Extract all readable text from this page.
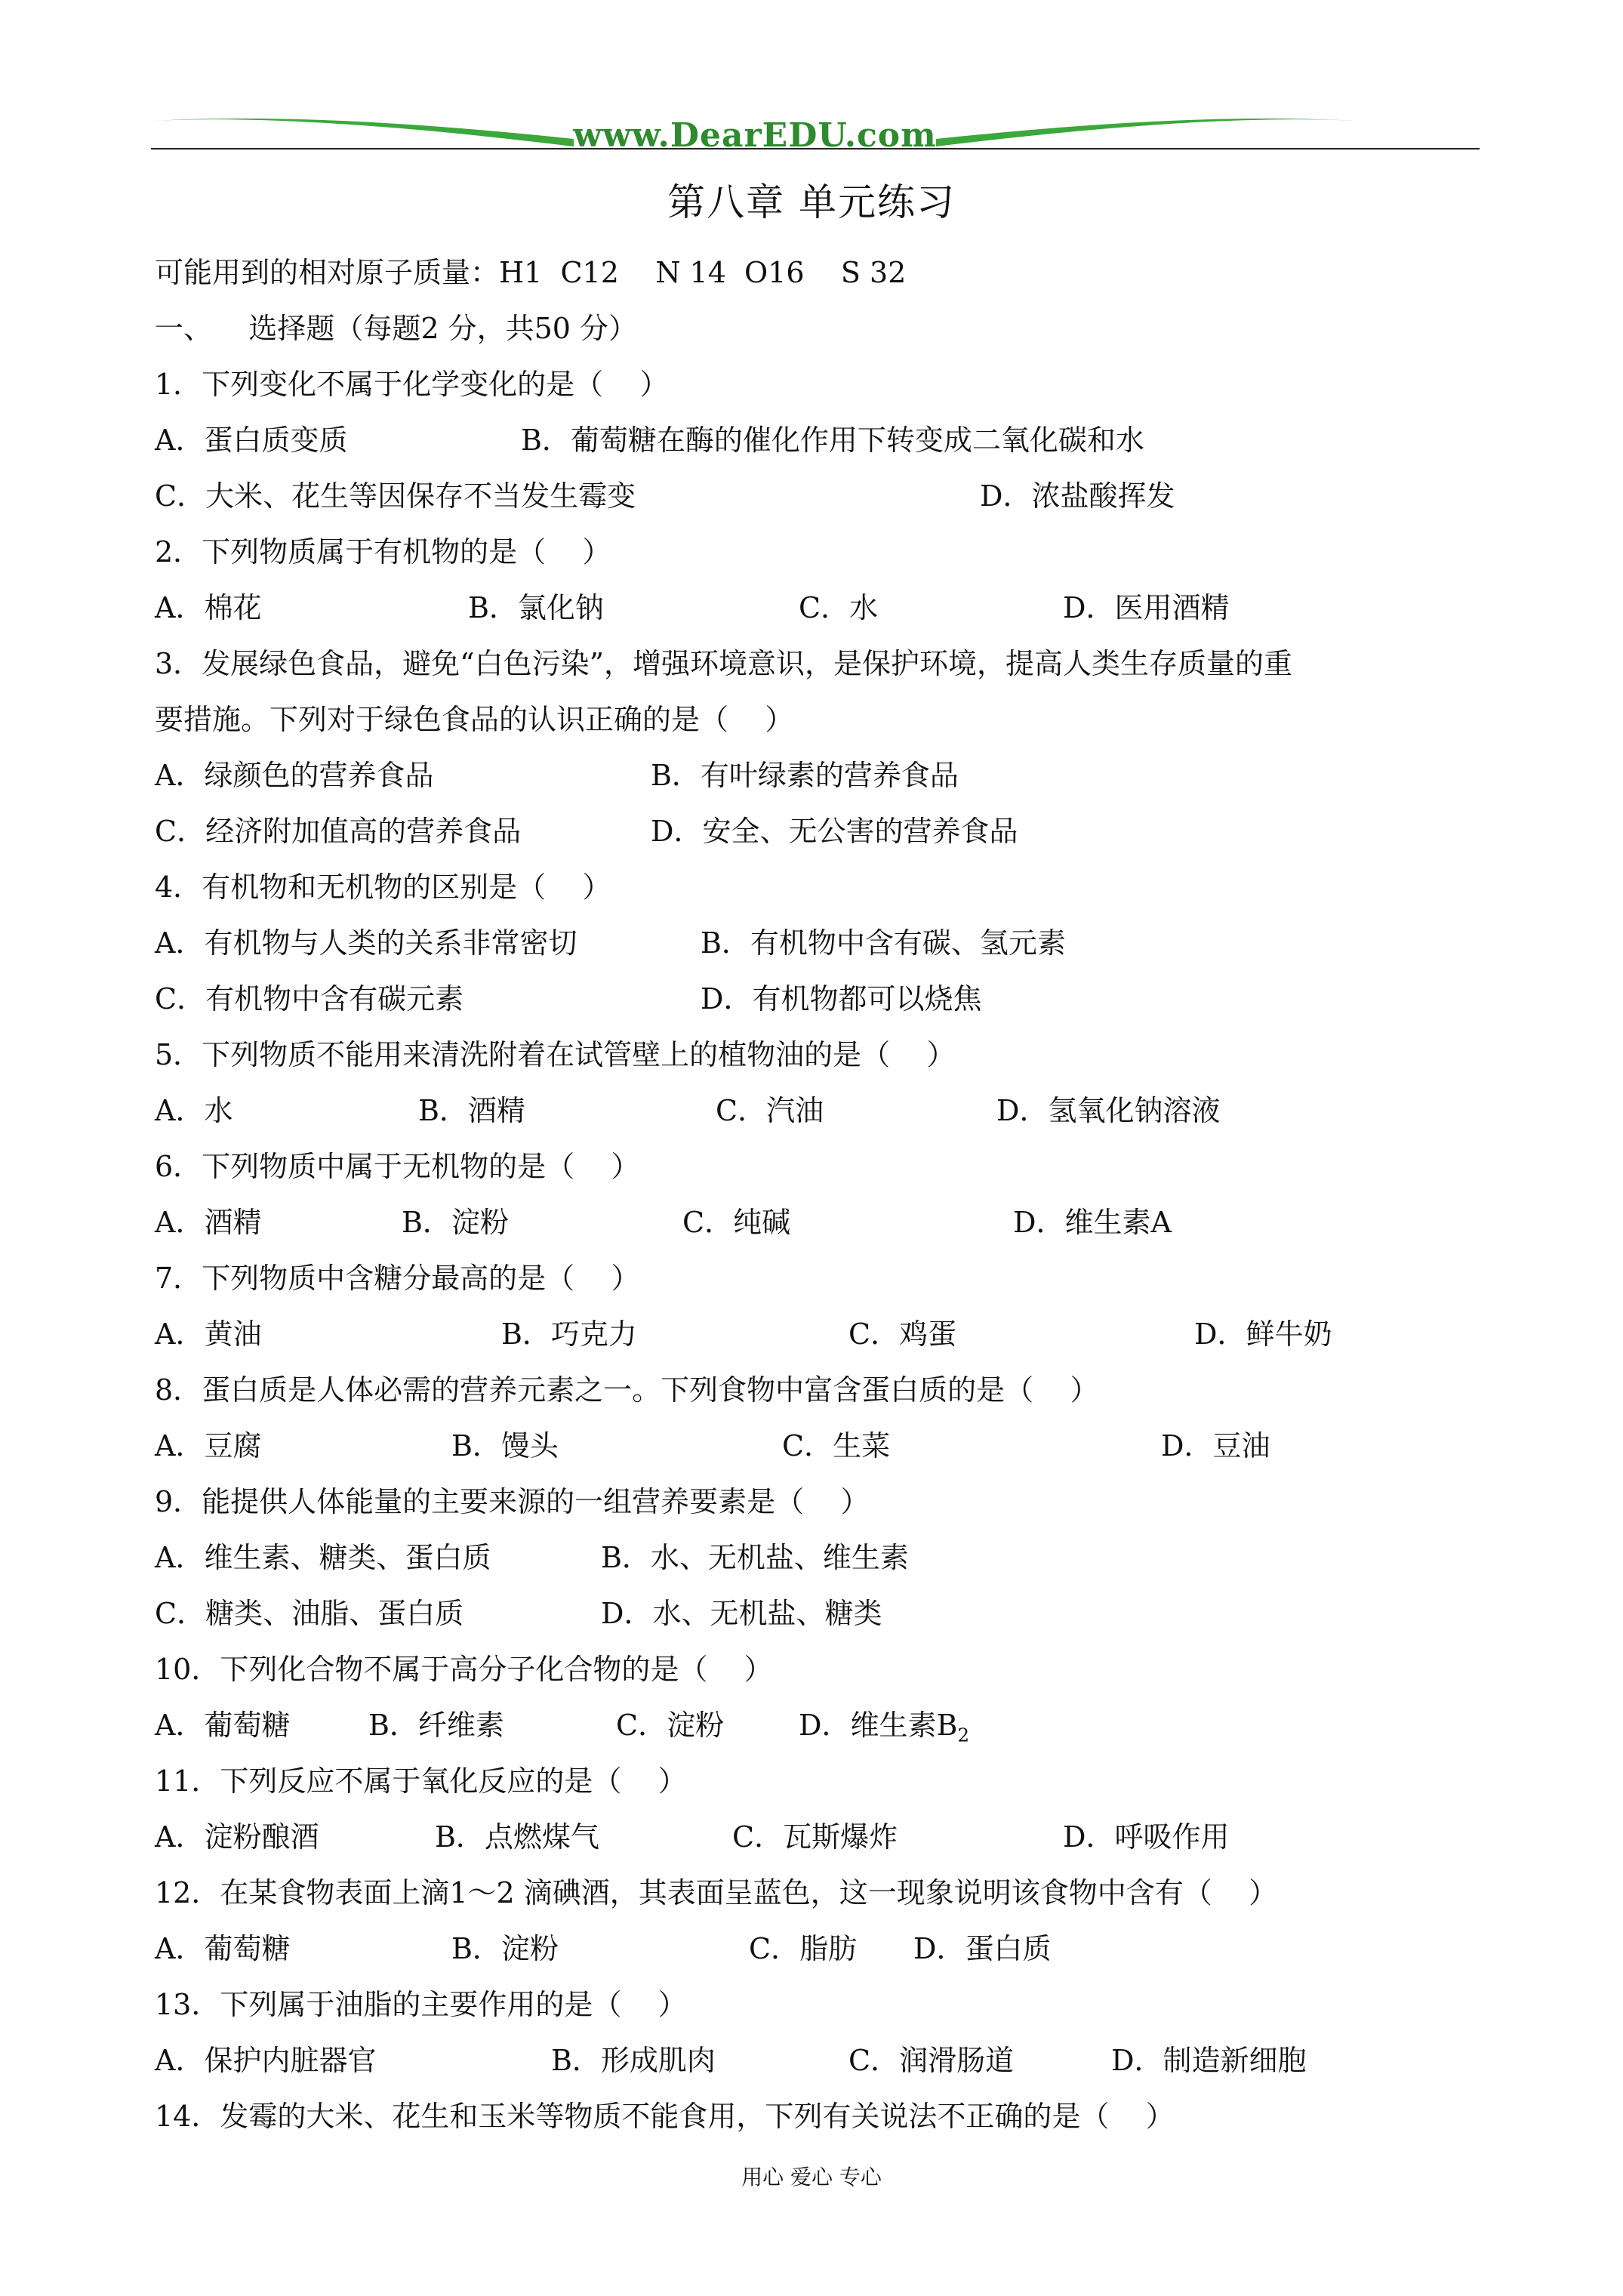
www.DearEDU.com
第八章 单元练习
可能用到的相对原子质量：H1  C12    N 14  O16    S 32
一、    选择题（每题2 分，共50 分）
1．下列变化不属于化学变化的是（    ）
A．蛋白质变质	B．葡萄糖在酶的催化作用下转变成二氧化碳和水
C．大米、花生等因保存不当发生霉变	D．浓盐酸挥发
2．下列物质属于有机物的是（    ）
A．棉花	B．氯化钠	C．水	D．医用酒精
3．发展绿色食品，避免“白色污染”，增强环境意识，是保护环境，提高人类生存质量的重
要措施。下列对于绿色食品的认识正确的是（    ）
A．绿颜色的营养食品	B．有叶绿素的营养食品
C．经济附加值高的营养食品	D．安全、无公害的营养食品
4．有机物和无机物的区别是（    ）
A．有机物与人类的关系非常密切	B．有机物中含有碳、氢元素
C．有机物中含有碳元素	D．有机物都可以烧焦
5．下列物质不能用来清洗附着在试管壁上的植物油的是（    ）
A．水	B．酒精	C．汽油	D．氢氧化钠溶液
6．下列物质中属于无机物的是（    ）
A．酒精	B．淀粉	C．纯碱	D．维生素A
7．下列物质中含糖分最高的是（    ）
A．黄油	B．巧克力	C．鸡蛋	D．鲜牛奶
8．蛋白质是人体必需的营养元素之一。下列食物中富含蛋白质的是（    ）
A．豆腐	B．馒头	C．生菜	D．豆油
9．能提供人体能量的主要来源的一组营养要素是（    ）
A．维生素、糖类、蛋白质	B．水、无机盐、维生素
C．糖类、油脂、蛋白质	D．水、无机盐、糖类
10．下列化合物不属于高分子化合物的是（    ）
A．葡萄糖	B．纤维素	C．淀粉	D．维生素$B_2$
11．下列反应不属于氧化反应的是（    ）
A．淀粉酿酒	B．点燃煤气	C．瓦斯爆炸	D．呼吸作用
12．在某食物表面上滴1～2 滴碘酒，其表面呈蓝色，这一现象说明该食物中含有（    ）
A．葡萄糖	B．淀粉	C．脂肪 D．蛋白质
13．下列属于油脂的主要作用的是（    ）
A．保护内脏器官	B．形成肌肉	C．润滑肠道	D．制造新细胞
14．发霉的大米、花生和玉米等物质不能食用，下列有关说法不正确的是（    ）
用心 爱心 专心
